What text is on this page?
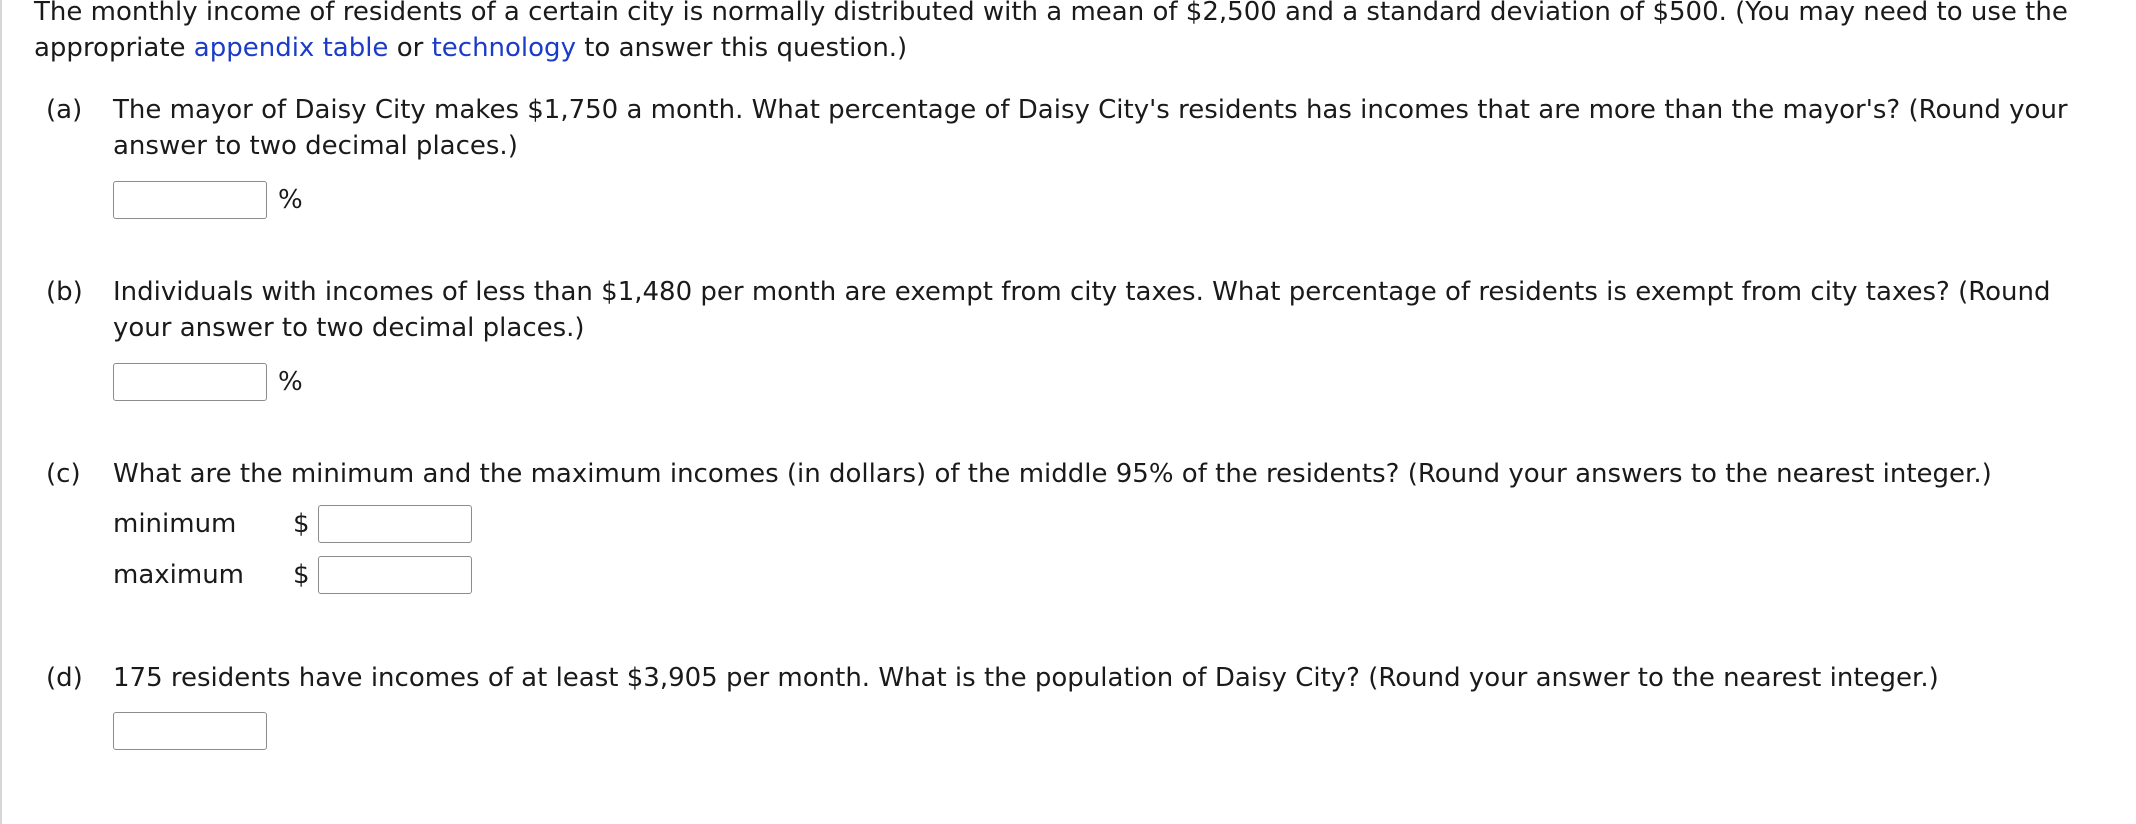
The monthly income of residents of a certain city is normally distributed with a mean of $2,500 and a standard deviation of $500. (You may need to use the appropriate appendix table or technology to answer this question.)

(a)	The mayor of Daisy City makes $1,750 a month. What percentage of Daisy City's residents has incomes that are more than the mayor's? (Round your answer to two decimal places.)

%
(b)	Individuals with incomes of less than $1,480 per month are exempt from city taxes. What percentage of residents is exempt from city taxes? (Round your answer to two decimal places.)

%
(c)	What are the minimum and the maximum incomes (in dollars) of the middle 95% of the residents? (Round your answers to the nearest integer.)

minimum	$
maximum	$
(d)	175 residents have incomes of at least $3,905 per month. What is the population of Daisy City? (Round your answer to the nearest integer.)
